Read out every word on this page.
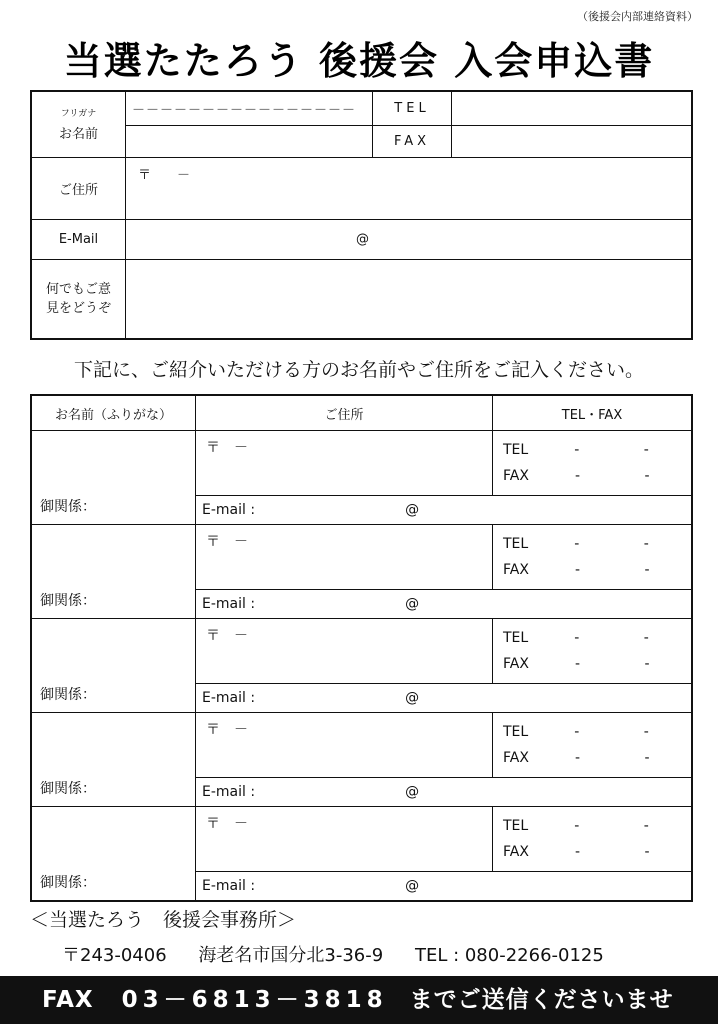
（後援会内部連絡資料）
当選たたろう 後援会 入会申込書
フリガナ
お名前	－－－－－－－－－－－－－－－－	TEL	
		FAX	
ご住所	〒　　－		
E-Mail	@		

何でもご意見をどうぞ			

下記に、ご紹介いただける方のお名前やご住所をご記入ください。
お名前（ふりがな）	ご住所	TEL・FAX
御関係：	〒　－	TEL - -
FAX - -

	E-mail : @	
御関係：	〒　－	TEL - -
FAX - -

	E-mail : @	
御関係：	〒　－	TEL - -
FAX - -

	E-mail : @	
御関係：	〒　－	TEL - -
FAX - -

	E-mail : @	
御関係：	〒　－	TEL - -
FAX - -

	E-mail : @	
＜当選たろう　後援会事務所＞
〒243-0406 海老名市国分北3-36-9 TEL : 080-2266-0125
FAX 03－6813－3818 までご送信くださいませ
